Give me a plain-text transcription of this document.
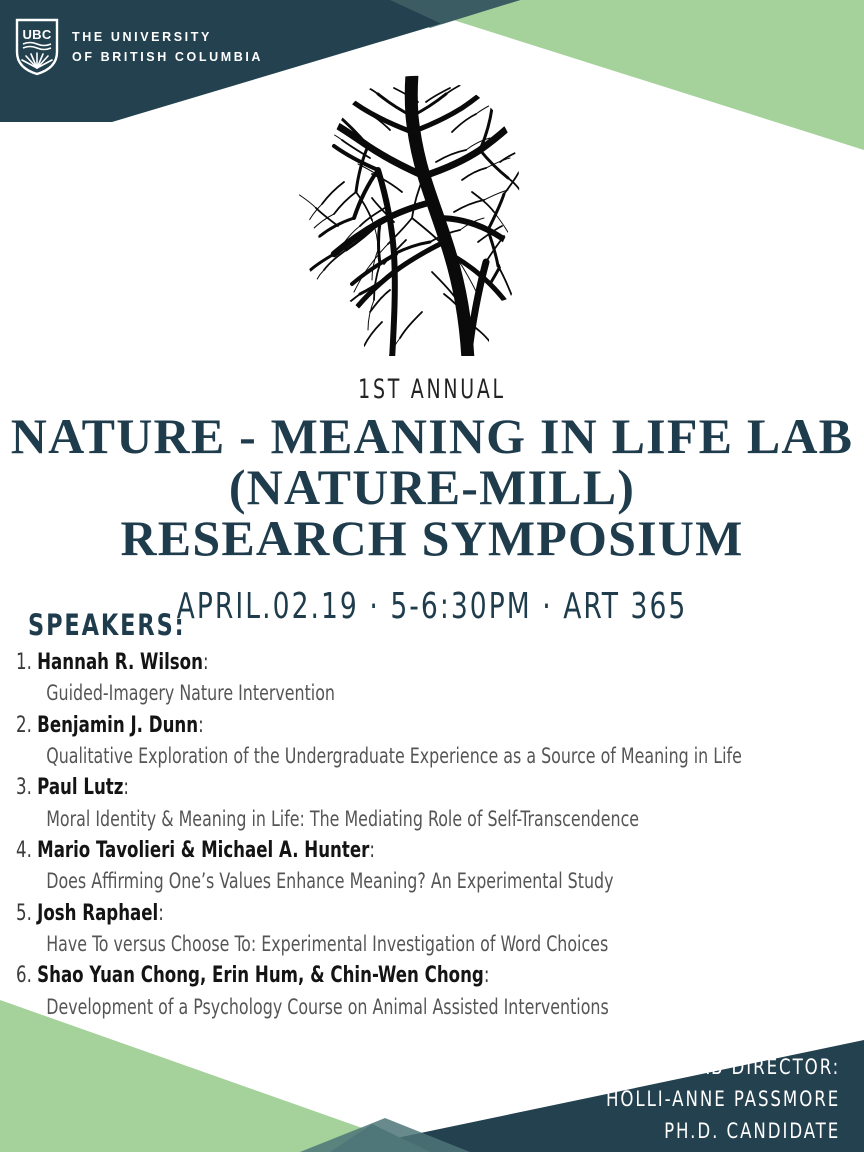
UBC THE UNIVERSITY
OF BRITISH COLUMBIA
1ST ANNUAL
NATURE - MEANING IN LIFE LAB
(NATURE-MILL)
RESEARCH SYMPOSIUM
APRIL.02.19 · 5-6:30PM · ART 365
SPEAKERS:
1. Hannah R. Wilson:
Guided-Imagery Nature Intervention
2. Benjamin J. Dunn:
Qualitative Exploration of the Undergraduate Experience as a Source of Meaning in Life
3. Paul Lutz:
Moral Identity & Meaning in Life: The Mediating Role of Self-Transcendence
4. Mario Tavolieri & Michael A. Hunter:
Does Affirming One’s Values Enhance Meaning? An Experimental Study
5. Josh Raphael:
Have To versus Choose To: Experimental Investigation of Word Choices
6. Shao Yuan Chong, Erin Hum, & Chin-Wen Chong:
Development of a Psychology Course on Animal Assisted Interventions
LAB DIRECTOR:
HOLLI-ANNE PASSMORE
PH.D. CANDIDATE
